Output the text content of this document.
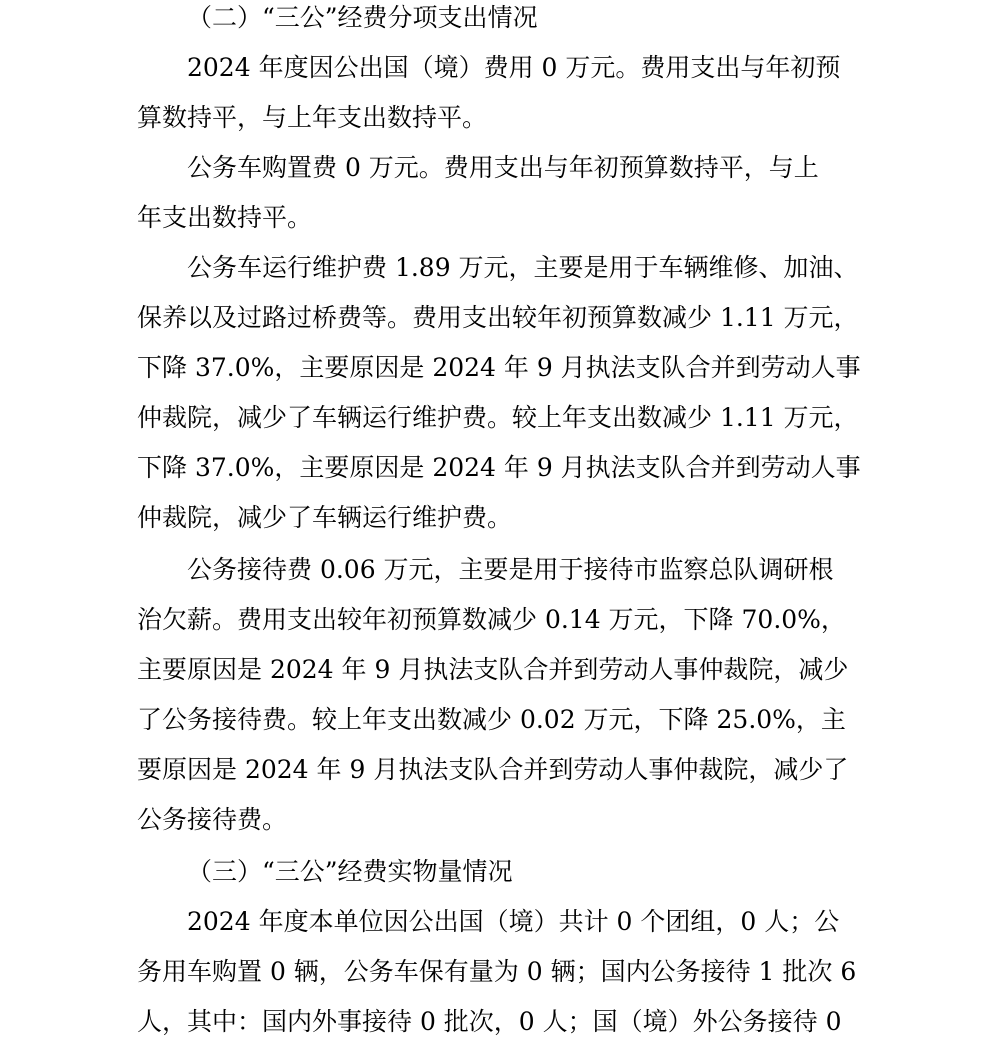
（二）“三公”经费分项支出情况
2024 年度因公出国（境）费用 0 万元。费用支出与年初预
算数持平，与上年支出数持平。
公务车购置费 0 万元。费用支出与年初预算数持平，与上
年支出数持平。
公务车运行维护费 1.89 万元，主要是用于车辆维修、加油、
保养以及过路过桥费等。费用支出较年初预算数减少 1.11 万元，
下降 37.0%，主要原因是 2024 年 9 月执法支队合并到劳动人事
仲裁院，减少了车辆运行维护费。较上年支出数减少 1.11 万元，
下降 37.0%，主要原因是 2024 年 9 月执法支队合并到劳动人事
仲裁院，减少了车辆运行维护费。
公务接待费 0.06 万元，主要是用于接待市监察总队调研根
治欠薪。费用支出较年初预算数减少 0.14 万元，下降 70.0%，
主要原因是 2024 年 9 月执法支队合并到劳动人事仲裁院，减少
了公务接待费。较上年支出数减少 0.02 万元，下降 25.0%，主
要原因是 2024 年 9 月执法支队合并到劳动人事仲裁院，减少了
公务接待费。
（三）“三公”经费实物量情况
2024 年度本单位因公出国（境）共计 0 个团组，0 人；公
务用车购置 0 辆，公务车保有量为 0 辆；国内公务接待 1 批次 6
人，其中：国内外事接待 0 批次，0 人；国（境）外公务接待 0
